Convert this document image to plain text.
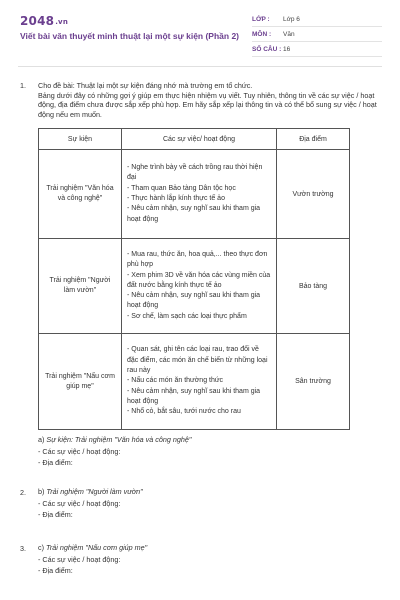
2048.vn
Viết bài văn thuyết minh thuật lại một sự kiện (Phần 2)
LỚP :	Lớp 6
MÔN :	Văn
SỐ CÂU : 16
1. Cho đề bài: Thuật lại một sự kiện đáng nhớ mà trường em tổ chức.

Bảng dưới đây có những gợi ý giúp em thực hiện nhiệm vụ viết. Tuy nhiên, thông tin về các sự việc / hoạt động, địa điểm chưa được sắp xếp phù hợp. Em hãy sắp xếp lại thông tin và có thể bổ sung sự việc / hoạt động nếu em muốn.

Sự kiện	Các sự việc/ hoạt động	Địa điểm
Trải nghiệm "Văn hóa và công nghệ"	- Nghe trình bày về cách trồng rau thời hiện đại
- Tham quan Bảo tàng Dân tộc học
- Thực hành lắp kính thực tế ảo
- Nêu cảm nhận, suy nghĩ sau khi tham gia hoạt động	Vườn trường
Trải nghiệm "Người làm vườn"	- Mua rau, thức ăn, hoa quả,... theo thực đơn phù hợp
- Xem phim 3D về văn hóa các vùng miền của đất nước bằng kính thực tế ảo
- Nêu cảm nhận, suy nghĩ sau khi tham gia hoạt động
- Sơ chế, làm sạch các loại thực phẩm	Bảo tàng
Trải nghiệm "Nấu cơm giúp mẹ"	- Quan sát, ghi tên các loại rau, trao đổi về đặc điểm, các món ăn chế biến từ những loại rau này
- Nấu các món ăn thường thức
- Nêu cảm nhận, suy nghĩ sau khi tham gia hoạt động
- Nhổ cỏ, bắt sâu, tưới nước cho rau	Sân trường
a) Sự kiện: Trải nghiệm "Văn hóa và công nghệ"
- Các sự việc / hoạt động:
- Địa điểm:
2. b) Trải nghiệm "Người làm vườn"
- Các sự việc / hoạt động:
- Địa điểm:
3. c) Trải nghiệm "Nấu cơm giúp mẹ"
- Các sự việc / hoạt động:
- Địa điểm:
